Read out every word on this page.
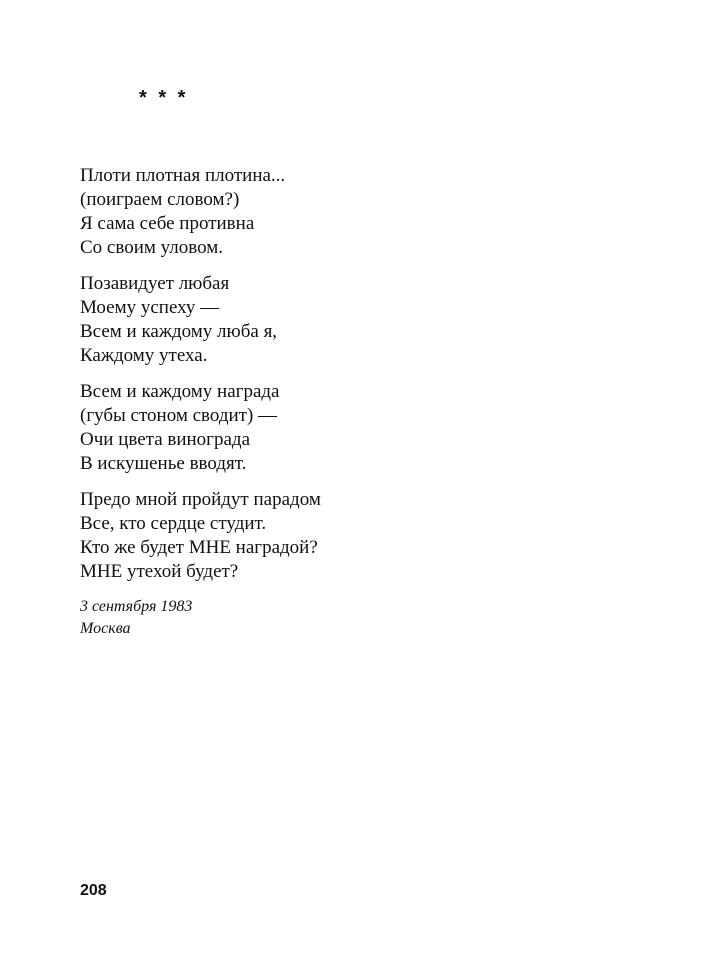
* * *
Плоти плотная плотина...
(поиграем словом?)
Я сама себе противна
Со своим уловом.
Позавидует любая
Моему успеху —
Всем и каждому люба я,
Каждому утеха.
Всем и каждому награда
(губы стоном сводит) —
Очи цвета винограда
В искушенье вводят.
Предо мной пройдут парадом
Все, кто сердце студит.
Кто же будет МНЕ наградой?
МНЕ утехой будет?
3 сентября 1983
Москва
208
